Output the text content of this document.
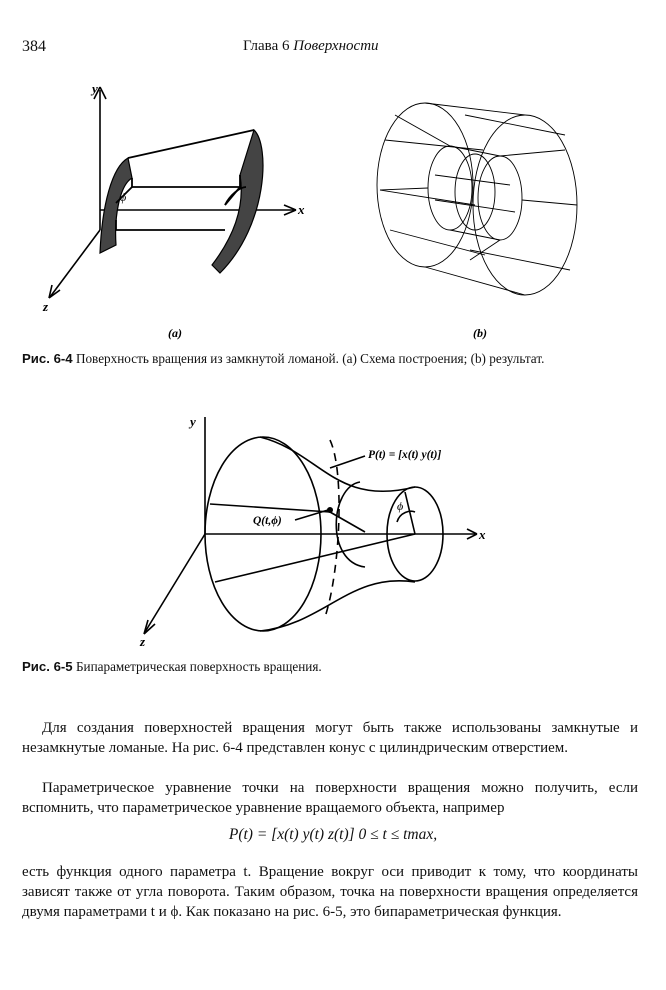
384	Глава 6 Поверхности
ϕ
y
x
z
(a)	(b)
Рис. 6-4 Поверхность вращения из замкнутой ломаной. (a) Схема построения; (b) результат.
y
x
z
P(t) = [x(t) y(t)]
Q(t,ϕ)
ϕ
Рис. 6-5 Бипараметрическая поверхность вращения.
Для создания поверхностей вращения могут быть также использованы замкнутые и незамкнутые ломаные. На рис. 6-4 представлен конус с цилиндрическим отверстием.
Параметрическое уравнение точки на поверхности вращения можно получить, если вспомнить, что параметрическое уравнение вращаемого объекта, например
P(t) = [x(t) y(t) z(t)] 0 ≤ t ≤ tmax,
есть функция одного параметра t. Вращение вокруг оси приводит к тому, что координаты зависят также от угла поворота. Таким образом, точка на поверхности вращения определяется двумя параметрами t и ϕ. Как показано на рис. 6-5, это бипараметрическая функция.
